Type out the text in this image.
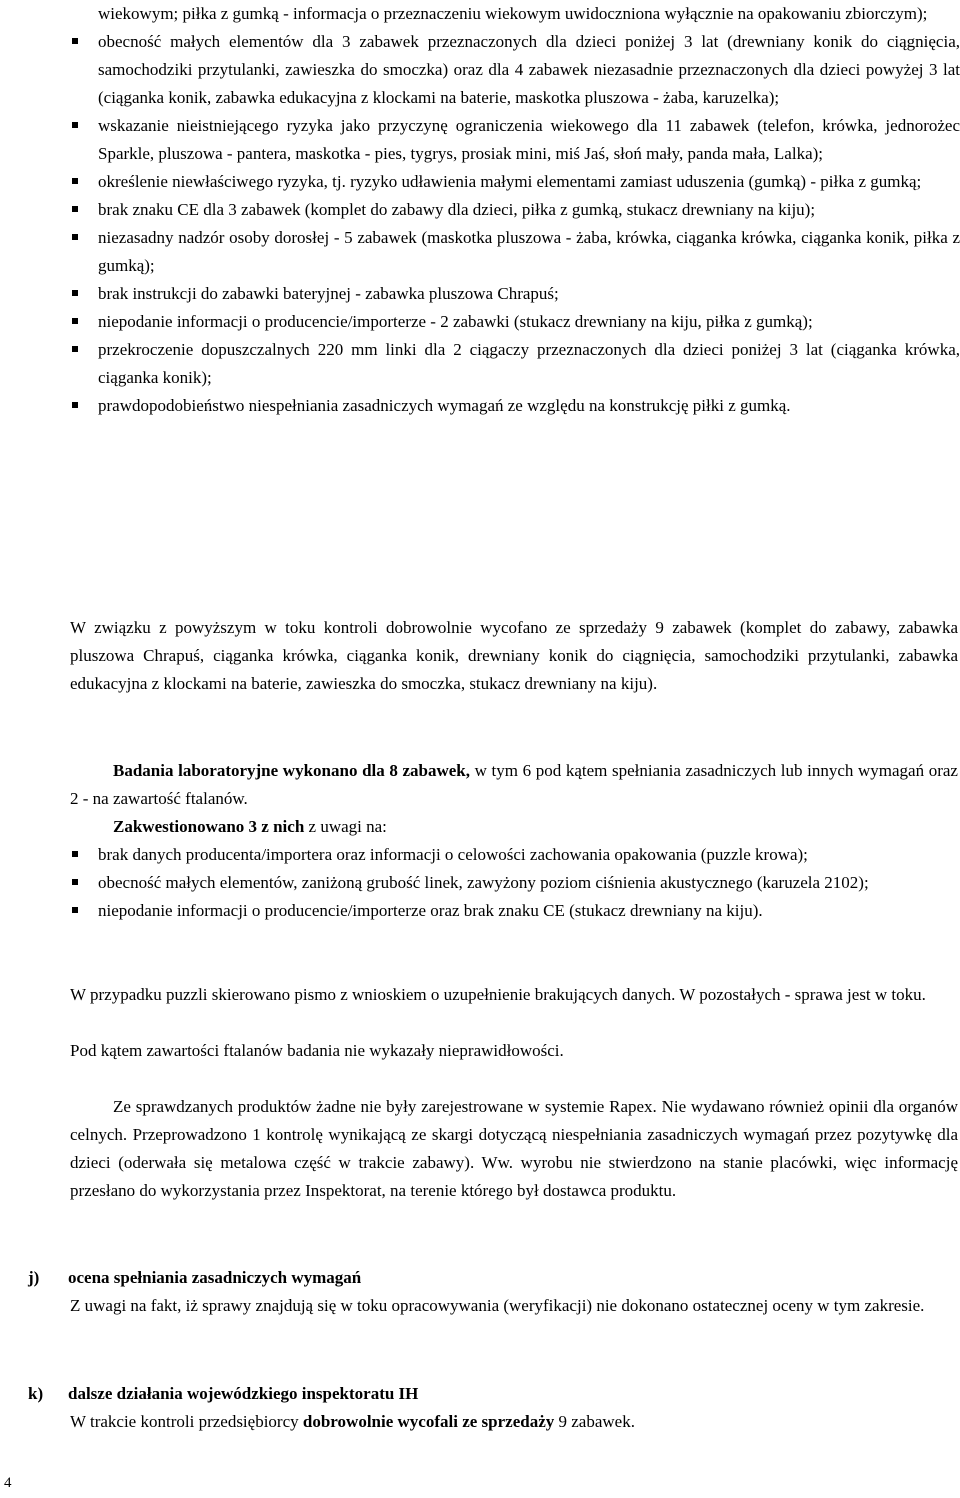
wiekowym; piłka z gumką - informacja o przeznaczeniu wiekowym uwidoczniona wyłącznie na opakowaniu zbiorczym);
obecność małych elementów dla 3 zabawek przeznaczonych dla dzieci poniżej 3 lat (drewniany konik do ciągnięcia, samochodziki przytulanki, zawieszka do smoczka) oraz dla 4 zabawek niezasadnie przeznaczonych dla dzieci powyżej 3 lat (ciąganka konik, zabawka edukacyjna z klockami na baterie, maskotka pluszowa - żaba, karuzelka);
wskazanie nieistniejącego ryzyka jako przyczynę ograniczenia wiekowego dla 11 zabawek (telefon, krówka, jednorożec Sparkle, pluszowa - pantera, maskotka - pies, tygrys, prosiak mini, miś Jaś, słoń mały, panda mała, Lalka);
określenie niewłaściwego ryzyka, tj. ryzyko udławienia małymi elementami zamiast uduszenia (gumką) - piłka z gumką;
brak znaku CE dla 3 zabawek (komplet do zabawy dla dzieci, piłka z gumką, stukacz drewniany na kiju);
niezasadny nadzór osoby dorosłej - 5 zabawek (maskotka pluszowa - żaba, krówka, ciąganka krówka, ciąganka konik, piłka z gumką);
brak instrukcji do zabawki bateryjnej - zabawka pluszowa Chrapuś;
niepodanie informacji o producencie/importerze - 2 zabawki (stukacz drewniany na kiju, piłka z gumką);
przekroczenie dopuszczalnych 220 mm linki dla 2 ciągaczy przeznaczonych dla dzieci poniżej 3 lat (ciąganka krówka, ciąganka konik);
prawdopodobieństwo niespełniania zasadniczych wymagań ze względu na konstrukcję piłki z gumką.

W związku z powyższym w toku kontroli dobrowolnie wycofano ze sprzedaży 9 zabawek (komplet do zabawy, zabawka pluszowa Chrapuś, ciąganka krówka, ciąganka konik, drewniany konik do ciągnięcia, samochodziki przytulanki, zabawka edukacyjna z klockami na baterie, zawieszka do smoczka, stukacz drewniany na kiju).

Badania laboratoryjne wykonano dla 8 zabawek, w tym 6 pod kątem spełniania zasadniczych lub innych wymagań oraz 2 - na zawartość ftalanów.

Zakwestionowano 3 z nich z uwagi na:

brak danych producenta/importera oraz informacji o celowości zachowania opakowania (puzzle krowa);
obecność małych elementów, zaniżoną grubość linek, zawyżony poziom ciśnienia akustycznego (karuzela 2102);
niepodanie informacji o producencie/importerze oraz brak znaku CE (stukacz drewniany na kiju).

W przypadku puzzli skierowano pismo z wnioskiem o uzupełnienie brakujących danych. W pozostałych - sprawa jest w toku.

Pod kątem zawartości ftalanów badania nie wykazały nieprawidłowości.

Ze sprawdzanych produktów żadne nie były zarejestrowane w systemie Rapex. Nie wydawano również opinii dla organów celnych. Przeprowadzono 1 kontrolę wynikającą ze skargi dotyczącą niespełniania zasadniczych wymagań przez pozytywkę dla dzieci (oderwała się metalowa część w trakcie zabawy). Ww. wyrobu nie stwierdzono na stanie placówki, więc informację przesłano do wykorzystania przez Inspektorat, na terenie którego był dostawca produktu.

j) ocena spełniania zasadniczych wymagań

Z uwagi na fakt, iż sprawy znajdują się w toku opracowywania (weryfikacji) nie dokonano ostatecznej oceny w tym zakresie.

k) dalsze działania wojewódzkiego inspektoratu IH

W trakcie kontroli przedsiębiorcy dobrowolnie wycofali ze sprzedaży 9 zabawek.

4
